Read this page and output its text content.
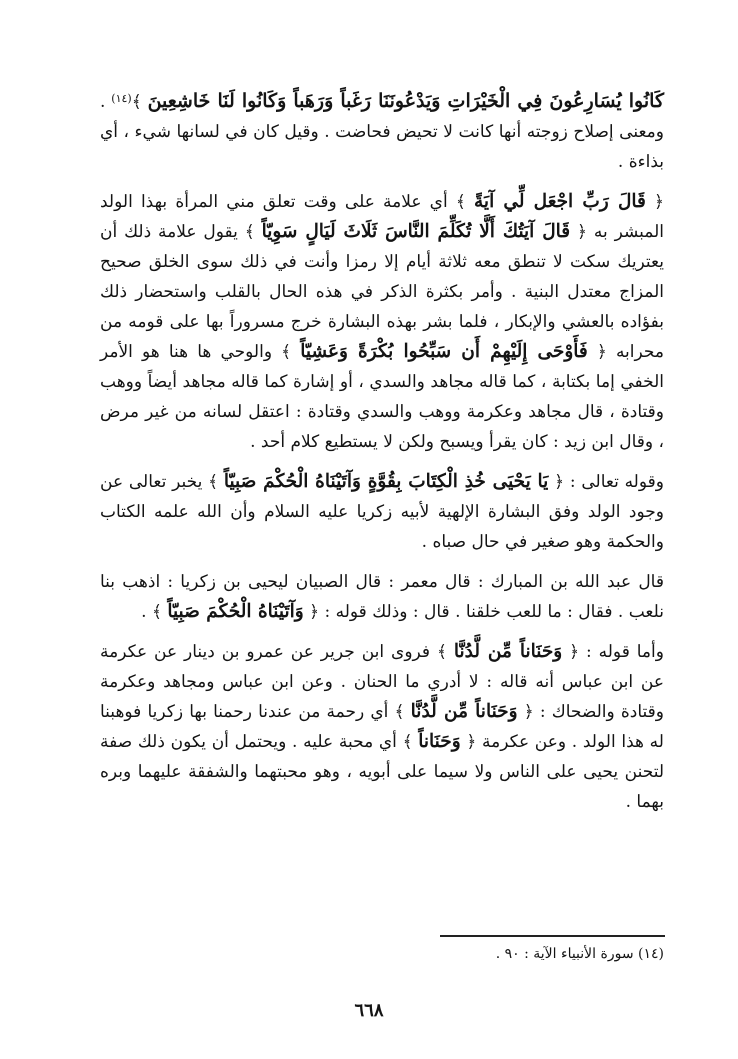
كَانُوا يُسَارِعُونَ فِي الْخَيْرَاتِ وَيَدْعُونَنَا رَغَباً وَرَهَباً وَكَانُوا لَنَا خَاشِعِينَ ﴾$^{(١٤)}$ . ومعنى إصلاح زوجته أنها كانت لا تحيض فحاضت . وقيل كان في لسانها شيء ، أي بذاءة .

﴿ قَالَ رَبِّ اجْعَل لِّي آيَةً ﴾ أي علامة على وقت تعلق مني المرأة بهذا الولد المبشر به ﴿ قَالَ آيَتُكَ أَلَّا تُكَلِّمَ النَّاسَ ثَلَاثَ لَيَالٍ سَوِيّاً ﴾ يقول علامة ذلك أن يعتريك سكت لا تنطق معه ثلاثة أيام إلا رمزا وأنت في ذلك سوى الخلق صحيح المزاج معتدل البنية . وأمر بكثرة الذكر في هذه الحال بالقلب واستحضار ذلك بفؤاده بالعشي والإبكار ، فلما بشر بهذه البشارة خرج مسروراً بها على قومه من محرابه ﴿ فَأَوْحَى إِلَيْهِمْ أَن سَبِّحُوا بُكْرَةً وَعَشِيّاً ﴾ والوحي ها هنا هو الأمر الخفي إما بكتابة ، كما قاله مجاهد والسدي ، أو إشارة كما قاله مجاهد أيضاً ووهب وقتادة ، قال مجاهد وعكرمة ووهب والسدي وقتادة : اعتقل لسانه من غير مرض ، وقال ابن زيد : كان يقرأ ويسبح ولكن لا يستطيع كلام أحد .

وقوله تعالى : ﴿ يَا يَحْيَى خُذِ الْكِتَابَ بِقُوَّةٍ وَآتَيْنَاهُ الْحُكْمَ صَبِيّاً ﴾ يخبر تعالى عن وجود الولد وفق البشارة الإلهية لأبيه زكريا عليه السلام وأن الله علمه الكتاب والحكمة وهو صغير في حال صباه .

قال عبد الله بن المبارك : قال معمر : قال الصبيان ليحيى بن زكريا : اذهب بنا نلعب . فقال : ما للعب خلقنا . قال : وذلك قوله : ﴿ وَآتَيْنَاهُ الْحُكْمَ صَبِيّاً ﴾ .

وأما قوله : ﴿ وَحَنَاناً مِّن لَّدُنَّا ﴾ فروى ابن جرير عن عمرو بن دينار عن عكرمة عن ابن عباس أنه قاله : لا أدري ما الحنان . وعن ابن عباس ومجاهد وعكرمة وقتادة والضحاك : ﴿ وَحَنَاناً مِّن لَّدُنَّا ﴾ أي رحمة من عندنا رحمنا بها زكريا فوهبنا له هذا الولد . وعن عكرمة ﴿ وَحَنَاناً ﴾ أي محبة عليه . ويحتمل أن يكون ذلك صفة لتحنن يحيى على الناس ولا سيما على أبويه ، وهو محبتهما والشفقة عليهما وبره بهما .

(١٤) سورة الأنبياء الآية : ٩٠ .

٦٦٨
